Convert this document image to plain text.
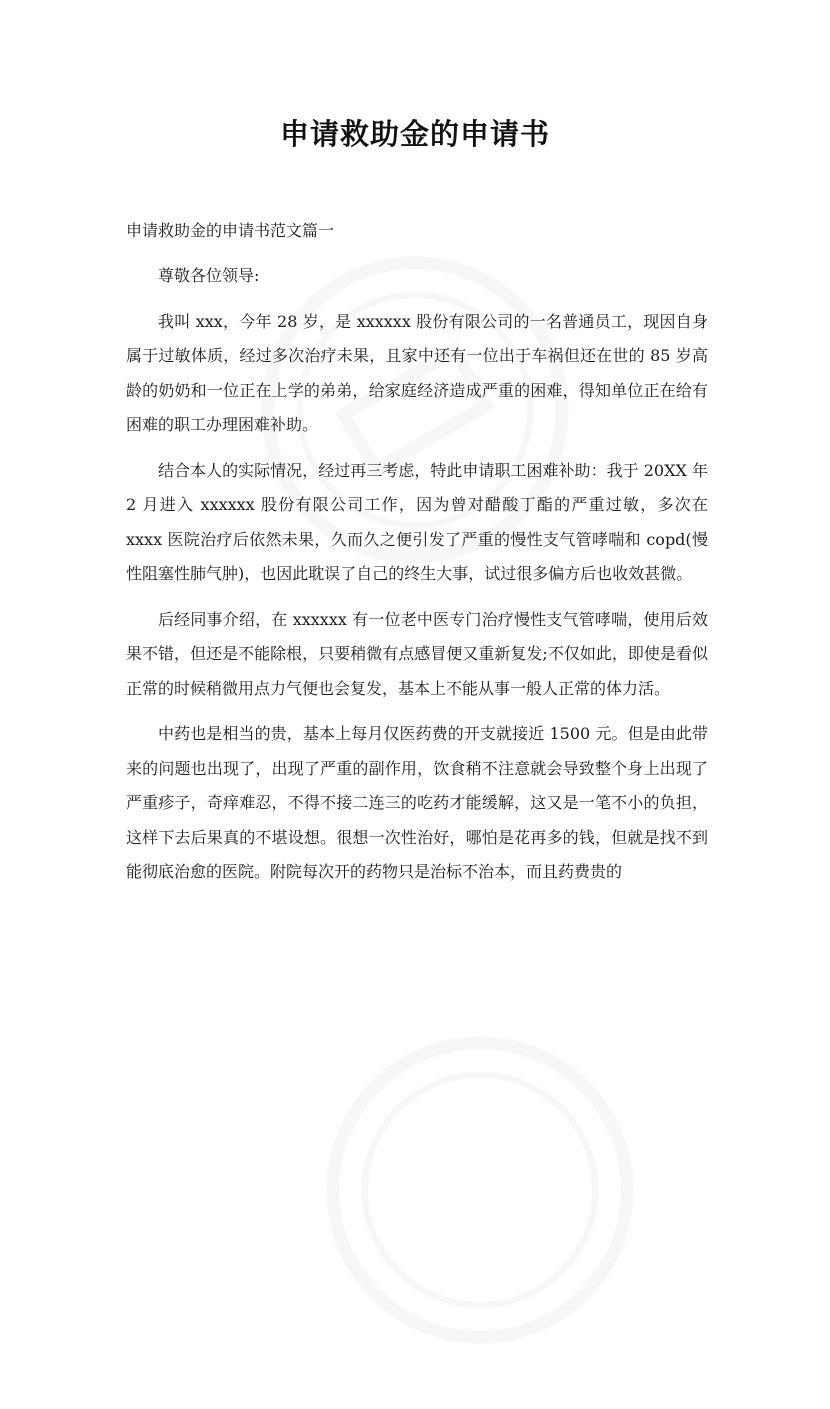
申请救助金的申请书

申请救助金的申请书范文篇一

尊敬各位领导:

我叫 xxx，今年 28 岁，是 xxxxxx 股份有限公司的一名普通员工，现因自身属于过敏体质，经过多次治疗未果，且家中还有一位出于车祸但还在世的 85 岁高龄的奶奶和一位正在上学的弟弟，给家庭经济造成严重的困难，得知单位正在给有困难的职工办理困难补助。

结合本人的实际情况，经过再三考虑，特此申请职工困难补助：我于 20XX 年 2 月进入 xxxxxx 股份有限公司工作，因为曾对醋酸丁酯的严重过敏，多次在 xxxx 医院治疗后依然未果，久而久之便引发了严重的慢性支气管哮喘和 copd(慢性阻塞性肺气肿)，也因此耽误了自己的终生大事，试过很多偏方后也收效甚微。

后经同事介绍，在 xxxxxx 有一位老中医专门治疗慢性支气管哮喘，使用后效果不错，但还是不能除根，只要稍微有点感冒便又重新复发;不仅如此，即使是看似正常的时候稍微用点力气便也会复发，基本上不能从事一般人正常的体力活。

中药也是相当的贵，基本上每月仅医药费的开支就接近 1500 元。但是由此带来的问题也出现了，出现了严重的副作用，饮食稍不注意就会导致整个身上出现了严重疹子，奇痒难忍，不得不接二连三的吃药才能缓解，这又是一笔不小的负担，这样下去后果真的不堪设想。很想一次性治好，哪怕是花再多的钱，但就是找不到能彻底治愈的医院。附院每次开的药物只是治标不治本，而且药费贵的
